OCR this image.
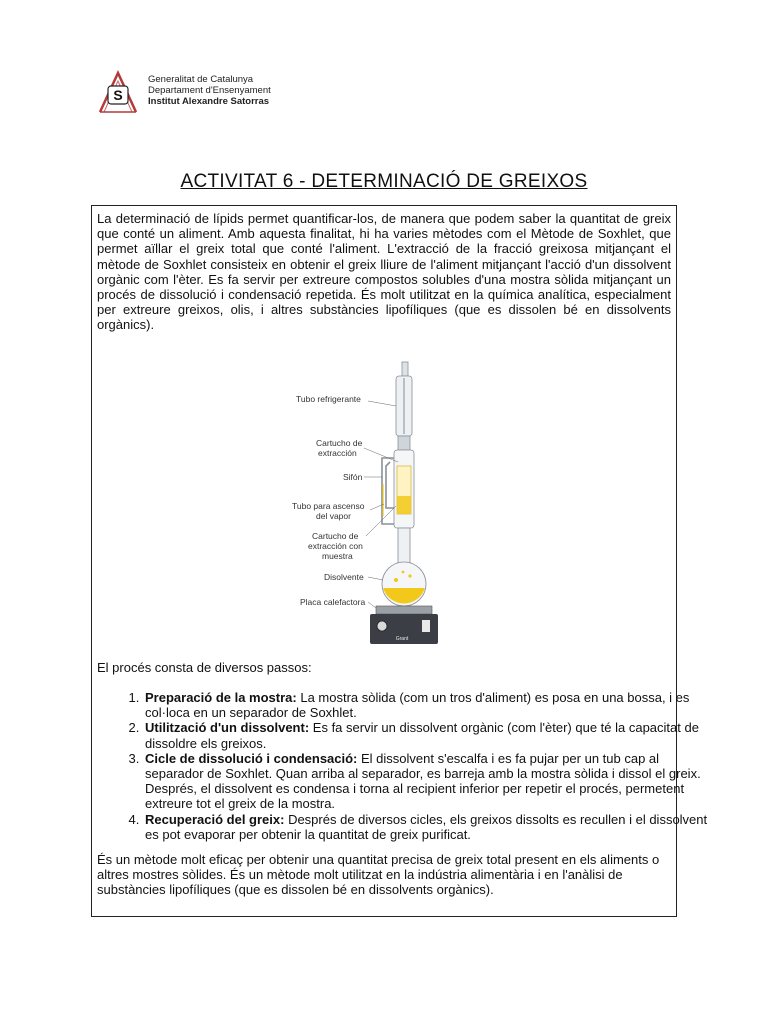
S
Generalitat de Catalunya
Departament d'Ensenyament
Institut Alexandre Satorras
ACTIVITAT 6 - DETERMINACIÓ DE GREIXOS

La determinació de lípids permet quantificar-los, de manera que podem saber la quantitat de greix que conté un aliment. Amb aquesta finalitat, hi ha varies mètodes com el Mètode de Soxhlet, que permet aïllar el greix total que conté l'aliment. L'extracció de la fracció greixosa mitjançant el mètode de Soxhlet consisteix en obtenir el greix lliure de l'aliment mitjançant l'acció d'un dissolvent orgànic com l'èter. Es fa servir per extreure compostos solubles d'una mostra sòlida mitjançant un procés de dissolució i condensació repetida. És molt utilitzat en la química analítica, especialment per extreure greixos, olis, i altres substàncies lipofíliques (que es dissolen bé en dissolvents orgànics).

Grant
Tubo refrigerante
Cartucho de
extracción
Sifón
Tubo para ascenso
del vapor
Cartucho de
extracción con
muestra
Disolvente
Placa calefactora

El procés consta de diversos passos:

1. Preparació de la mostra: La mostra sòlida (com un tros d'aliment) es posa en una bossa, i es col·loca en un separador de Soxhlet.
2. Utilització d'un dissolvent: Es fa servir un dissolvent orgànic (com l'èter) que té la capacitat de dissoldre els greixos.
3. Cicle de dissolució i condensació: El dissolvent s'escalfa i es fa pujar per un tub cap al separador de Soxhlet. Quan arriba al separador, es barreja amb la mostra sòlida i dissol el greix. Després, el dissolvent es condensa i torna al recipient inferior per repetir el procés, permetent extreure tot el greix de la mostra.
4. Recuperació del greix: Després de diversos cicles, els greixos dissolts es recullen i el dissolvent es pot evaporar per obtenir la quantitat de greix purificat.

És un mètode molt eficaç per obtenir una quantitat precisa de greix total present en els aliments o altres mostres sòlides. És un mètode molt utilitzat en la indústria alimentària i en l'anàlisi de substàncies lipofíliques (que es dissolen bé en dissolvents orgànics).
